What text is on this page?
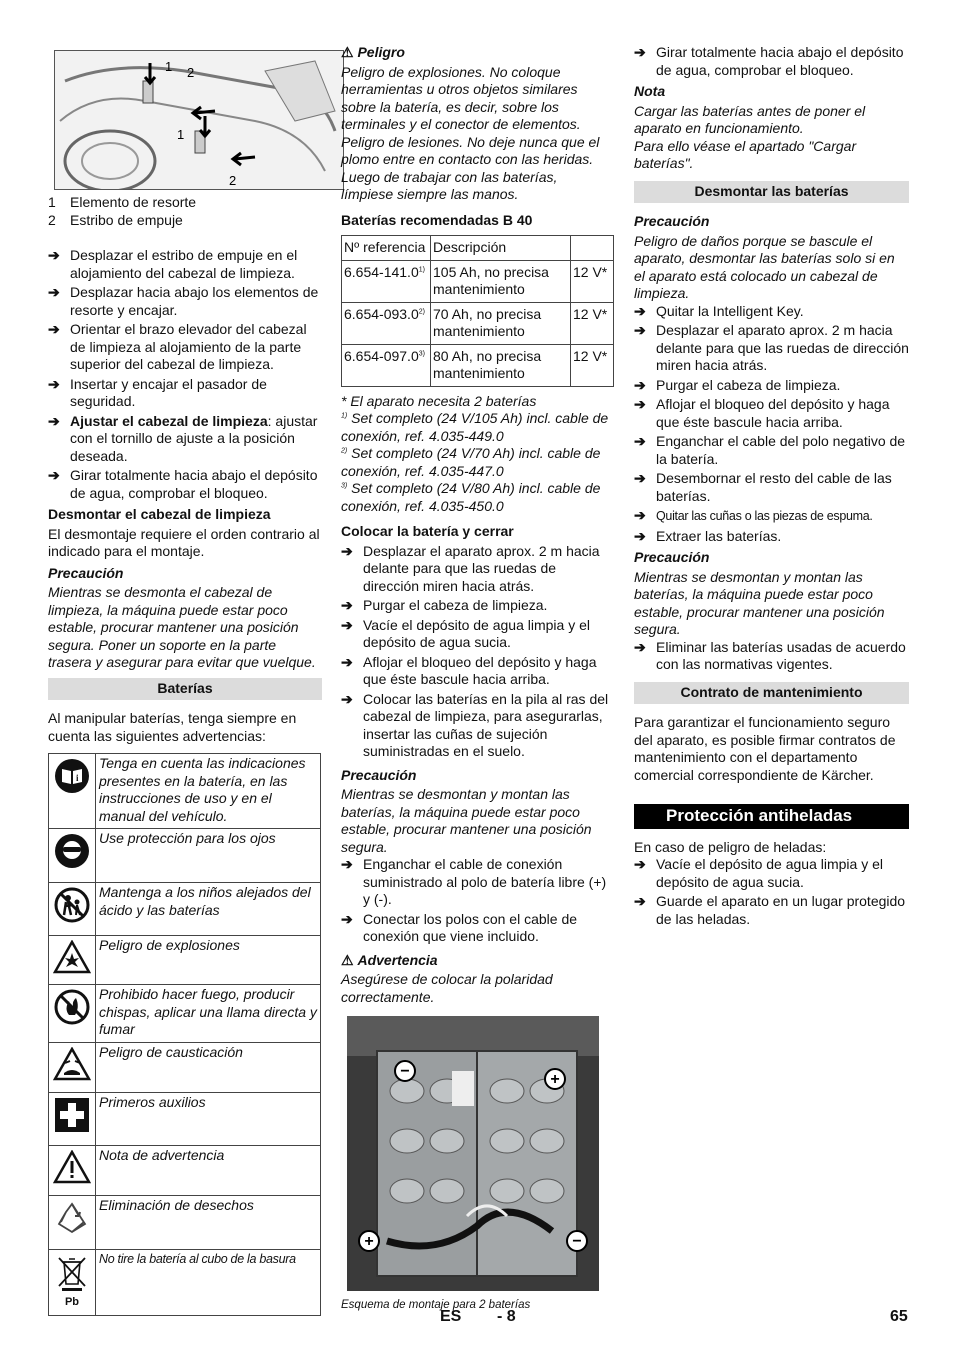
1 2
1
2
1	Elemento de resorte
2	Estribo de empuje
➔ Desplazar el estribo de empuje en el alojamiento del cabezal de limpieza.
➔ Desplazar hacia abajo los elementos de resorte y encajar.
➔ Orientar el brazo elevador del cabezal de limpieza al alojamiento de la parte superior del cabezal de limpieza.
➔ Insertar y encajar el pasador de seguridad.
➔ Ajustar el cabezal de limpieza: ajustar con el tornillo de ajuste a la posición deseada.
➔ Girar totalmente hacia abajo el depósito de agua, comprobar el bloqueo.

Desmontar el cabezal de limpieza

El desmontaje requiere el orden contrario al indicado para el montaje.

Precaución

Mientras se desmonta el cabezal de limpieza, la máquina puede estar poco estable, procurar mantener una posición segura. Poner un soporte en la parte trasera y asegurar para evitar que vuelque.

Baterías

Al manipular baterías, tenga siempre en cuenta las siguientes advertencias:

i	Tenga en cuenta las indicaciones presentes en la batería, en las instrucciones de uso y en el manual del vehículo.

	Use protección para los ojos

	Mantenga a los niños alejados del ácido y las baterías

	Peligro de explosiones

	Prohibido hacer fuego, producir chispas, aplicar una llama directa y fumar

	Peligro de causticación

	Primeros auxilios

	Nota de advertencia

	Eliminación de desechos

Pb	No tire la batería al cubo de la basura

⚠ Peligro

Peligro de explosiones. No coloque herramientas u otros objetos similares sobre la batería, es decir, sobre los terminales y el conector de elementos.

Peligro de lesiones. No deje nunca que el plomo entre en contacto con las heridas. Luego de trabajar con las baterías, límpiese siempre las manos.

Baterías recomendadas B 40

Nº referencia	Descripción	
6.654-141.0$^{1)}$	105 Ah, no precisa mantenimiento	12 V*
6.654-093.0$^{2)}$	70 Ah, no precisa mantenimiento	12 V*
6.654-097.0$^{3)}$	80 Ah, no precisa mantenimiento	12 V*

* El aparato necesita 2 baterías

$^{1)}$ Set completo (24 V/105 Ah) incl. cable de conexión, ref. 4.035-449.0

$^{2)}$ Set completo (24 V/70 Ah) incl. cable de conexión, ref. 4.035-447.0

$^{3)}$ Set completo (24 V/80 Ah) incl. cable de conexión, ref. 4.035-450.0

Colocar la batería y cerrar

➔ Desplazar el aparato aprox. 2 m hacia delante para que las ruedas de dirección miren hacia atrás.
➔ Purgar el cabeza de limpieza.
➔ Vacíe el depósito de agua limpia y el depósito de agua sucia.
➔ Aflojar el bloqueo del depósito y haga que éste bascule hacia arriba.
➔ Colocar las baterías en la pila al ras del cabezal de limpieza, para asegurarlas, insertar las cuñas de sujeción suministradas en el suelo.

Precaución

Mientras se desmontan y montan las baterías, la máquina puede estar poco estable, procurar mantener una posición segura.

➔ Enganchar el cable de conexión suministrado al polo de batería libre (+) y (-).
➔ Conectar los polos con el cable de conexión que viene incluido.

⚠ Advertencia

Asegúrese de colocar la polaridad correctamente.

−	+
+	−

Esquema de montaje para 2 baterías

➔ Girar totalmente hacia abajo el depósito de agua, comprobar el bloqueo.

Nota

Cargar las baterías antes de poner el aparato en funcionamiento.

Para ello véase el apartado "Cargar baterías".

Desmontar las baterías

Precaución

Peligro de daños porque se bascule el aparato, desmontar las baterías solo si en el aparato está colocado un cabezal de limpieza.

➔ Quitar la Intelligent Key.
➔ Desplazar el aparato aprox. 2 m hacia delante para que las ruedas de dirección miren hacia atrás.
➔ Purgar el cabeza de limpieza.
➔ Aflojar el bloqueo del depósito y haga que éste bascule hacia arriba.
➔ Enganchar el cable del polo negativo de la batería.
➔ Desembornar el resto del cable de las baterías.
➔ Quitar las cuñas o las piezas de espuma.
➔ Extraer las baterías.

Precaución

Mientras se desmontan y montan las baterías, la máquina puede estar poco estable, procurar mantener una posición segura.

➔ Eliminar las baterías usadas de acuerdo con las normativas vigentes.
Contrato de mantenimiento

Para garantizar el funcionamiento seguro del aparato, es posible firmar contratos de mantenimiento con el departamento comercial correspondiente de Kärcher.

Protección antiheladas

En caso de peligro de heladas:

➔ Vacíe el depósito de agua limpia y el depósito de agua sucia.
➔ Guarde el aparato en un lugar protegido de las heladas.
ES - 8	65
